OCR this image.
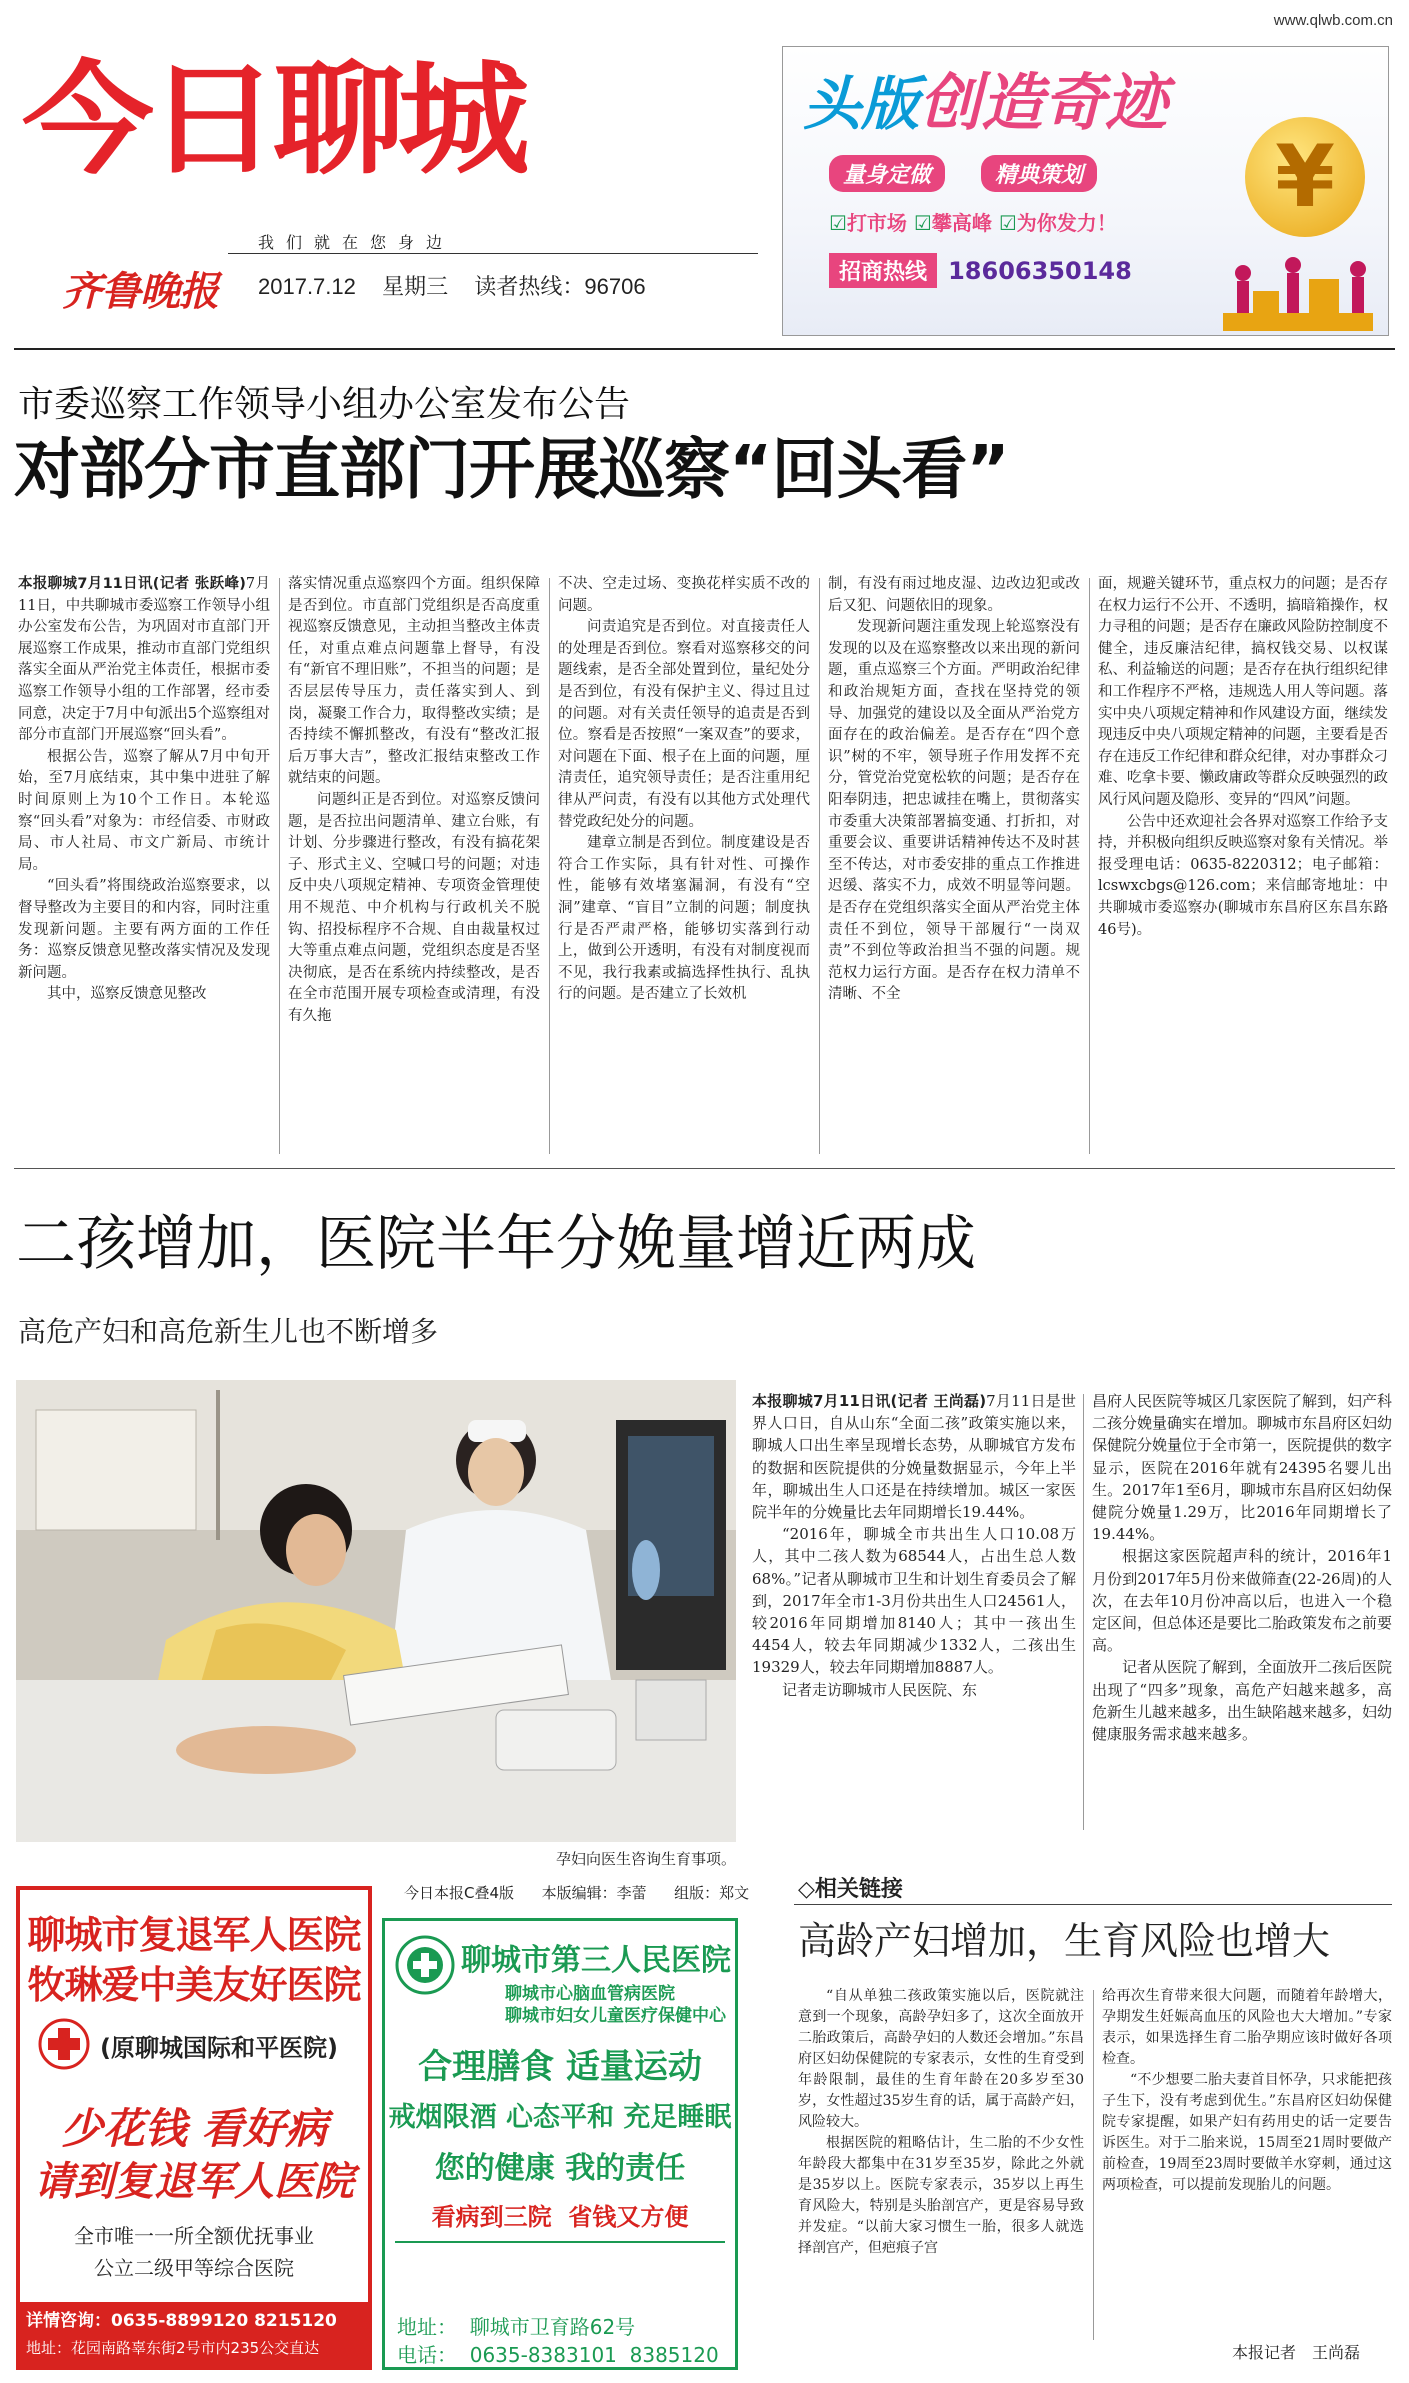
www.qlwb.com.cn
今日聊城
我们就在您身边
齐鲁晚报 2017.7.12 星期三 读者热线：96706
头版创造奇迹
量身定做	精典策划
☑打市场 ☑攀高峰 ☑为你发力！
招商热线 18606350148
¥
市委巡察工作领导小组办公室发布公告
对部分市直部门开展巡察“回头看”

本报聊城7月11日讯(记者 张跃峰)7月11日，中共聊城市委巡察工作领导小组办公室发布公告，为巩固对市直部门开展巡察工作成果，推动市直部门党组织落实全面从严治党主体责任，根据市委巡察工作领导小组的工作部署，经市委同意，决定于7月中旬派出5个巡察组对部分市直部门开展巡察“回头看”。

根据公告，巡察了解从7月中旬开始，至7月底结束，其中集中进驻了解时间原则上为10个工作日。本轮巡察“回头看”对象为：市经信委、市财政局、市人社局、市文广新局、市统计局。

“回头看”将围绕政治巡察要求，以督导整改为主要目的和内容，同时注重发现新问题。主要有两方面的工作任务：巡察反馈意见整改落实情况及发现新问题。

其中，巡察反馈意见整改

落实情况重点巡察四个方面。组织保障是否到位。市直部门党组织是否高度重视巡察反馈意见，主动担当整改主体责任，对重点难点问题靠上督导，有没有“新官不理旧账”，不担当的问题；是否层层传导压力，责任落实到人、到岗，凝聚工作合力，取得整改实绩；是否持续不懈抓整改，有没有“整改汇报后万事大吉”，整改汇报结束整改工作就结束的问题。

问题纠正是否到位。对巡察反馈问题，是否拉出问题清单、建立台账，有计划、分步骤进行整改，有没有搞花架子、形式主义、空喊口号的问题；对违反中央八项规定精神、专项资金管理使用不规范、中介机构与行政机关不脱钩、招投标程序不合规、自由裁量权过大等重点难点问题，党组织态度是否坚决彻底，是否在系统内持续整改，是否在全市范围开展专项检查或清理，有没有久拖

不决、空走过场、变换花样实质不改的问题。

问责追究是否到位。对直接责任人的处理是否到位。察看对巡察移交的问题线索，是否全部处置到位，量纪处分是否到位，有没有保护主义、得过且过的问题。对有关责任领导的追责是否到位。察看是否按照“一案双查”的要求，对问题在下面、根子在上面的问题，厘清责任，追究领导责任；是否注重用纪律从严问责，有没有以其他方式处理代替党政纪处分的问题。

建章立制是否到位。制度建设是否符合工作实际，具有针对性、可操作性，能够有效堵塞漏洞，有没有“空洞”建章、“盲目”立制的问题；制度执行是否严肃严格，能够切实落到行动上，做到公开透明，有没有对制度视而不见，我行我素或搞选择性执行、乱执行的问题。是否建立了长效机

制，有没有雨过地皮湿、边改边犯或改后又犯、问题依旧的现象。

发现新问题注重发现上轮巡察没有发现的以及在巡察整改以来出现的新问题，重点巡察三个方面。严明政治纪律和政治规矩方面，查找在坚持党的领导、加强党的建设以及全面从严治党方面存在的政治偏差。是否存在“四个意识”树的不牢，领导班子作用发挥不充分，管党治党宽松软的问题；是否存在阳奉阴违，把忠诚挂在嘴上，贯彻落实市委重大决策部署搞变通、打折扣，对重要会议、重要讲话精神传达不及时甚至不传达，对市委安排的重点工作推进迟缓、落实不力，成效不明显等问题。是否存在党组织落实全面从严治党主体责任不到位，领导干部履行“一岗双责”不到位等政治担当不强的问题。规范权力运行方面。是否存在权力清单不清晰、不全

面，规避关键环节，重点权力的问题；是否存在权力运行不公开、不透明，搞暗箱操作，权力寻租的问题；是否存在廉政风险防控制度不健全，违反廉洁纪律，搞权钱交易、以权谋私、利益输送的问题；是否存在执行组织纪律和工作程序不严格，违规选人用人等问题。落实中央八项规定精神和作风建设方面，继续发现违反中央八项规定精神的问题，主要看是否存在违反工作纪律和群众纪律，对办事群众刁难、吃拿卡要、懒政庸政等群众反映强烈的政风行风问题及隐形、变异的“四风”问题。

公告中还欢迎社会各界对巡察工作给予支持，并积极向组织反映巡察对象有关情况。举报受理电话：0635-8220312；电子邮箱：lcswxcbgs@126.com；来信邮寄地址：中共聊城市委巡察办(聊城市东昌府区东昌东路46号)。

二孩增加，医院半年分娩量增近两成
高危产妇和高危新生儿也不断增多
孕妇向医生咨询生育事项。

本报聊城7月11日讯(记者 王尚磊)7月11日是世界人口日，自从山东“全面二孩”政策实施以来，聊城人口出生率呈现增长态势，从聊城官方发布的数据和医院提供的分娩量数据显示，今年上半年，聊城出生人口还是在持续增加。城区一家医院半年的分娩量比去年同期增长19.44%。

“2016年，聊城全市共出生人口10.08万人，其中二孩人数为68544人，占出生总人数68%。”记者从聊城市卫生和计划生育委员会了解到，2017年全市1-3月份共出生人口24561人，较2016年同期增加8140人；其中一孩出生4454人，较去年同期减少1332人，二孩出生19329人，较去年同期增加8887人。

记者走访聊城市人民医院、东

昌府人民医院等城区几家医院了解到，妇产科二孩分娩量确实在增加。聊城市东昌府区妇幼保健院分娩量位于全市第一，医院提供的数字显示，医院在2016年就有24395名婴儿出生。2017年1至6月，聊城市东昌府区妇幼保健院分娩量1.29万，比2016年同期增长了19.44%。

根据这家医院超声科的统计，2016年1月份到2017年5月份来做筛查(22-26周)的人次，在去年10月份冲高以后，也进入一个稳定区间，但总体还是要比二胎政策发布之前要高。

记者从医院了解到，全面放开二孩后医院出现了“四多”现象，高危产妇越来越多，高危新生儿越来越多，出生缺陷越来越多，妇幼健康服务需求越来越多。

◇相关链接
高龄产妇增加，生育风险也增大

“自从单独二孩政策实施以后，医院就注意到一个现象，高龄孕妇多了，这次全面放开二胎政策后，高龄孕妇的人数还会增加。”东昌府区妇幼保健院的专家表示，女性的生育受到年龄限制，最佳的生育年龄在20多岁至30岁，女性超过35岁生育的话，属于高龄产妇，风险较大。

根据医院的粗略估计，生二胎的不少女性年龄段大都集中在31岁至35岁，除此之外就是35岁以上。医院专家表示，35岁以上再生育风险大，特别是头胎剖宫产，更是容易导致并发症。“以前大家习惯生一胎，很多人就选择剖宫产，但疤痕子宫

给再次生育带来很大问题，而随着年龄增大，孕期发生妊娠高血压的风险也大大增加。”专家表示，如果选择生育二胎孕期应该时做好各项检查。

“不少想要二胎夫妻首目怀孕，只求能把孩子生下，没有考虑到优生。”东昌府区妇幼保健院专家提醒，如果产妇有药用史的话一定要告诉医生。对于二胎来说，15周至21周时要做产前检查，19周至23周时要做羊水穿刺，通过这两项检查，可以提前发现胎儿的问题。

本报记者　王尚磊
今日本报C叠4版 本版编辑：李蕾 组版：郑文
聊城市复退军人医院
牧琳爱中美友好医院
(原聊城国际和平医院)
少花钱 看好病
请到复退军人医院
全市唯一一所全额优抚事业
公立二级甲等综合医院
详情咨询：0635-8899120 8215120
地址：花园南路辜东街2号市内235公交直达
聊城市第三人民医院
聊城市心脑血管病医院
聊城市妇女儿童医疗保健中心
合理膳食 适量运动
戒烟限酒 心态平和 充足睡眠
您的健康 我的责任
看病到三院  省钱又方便
地址：  聊城市卫育路62号
电话：  0635-8383101  8385120
